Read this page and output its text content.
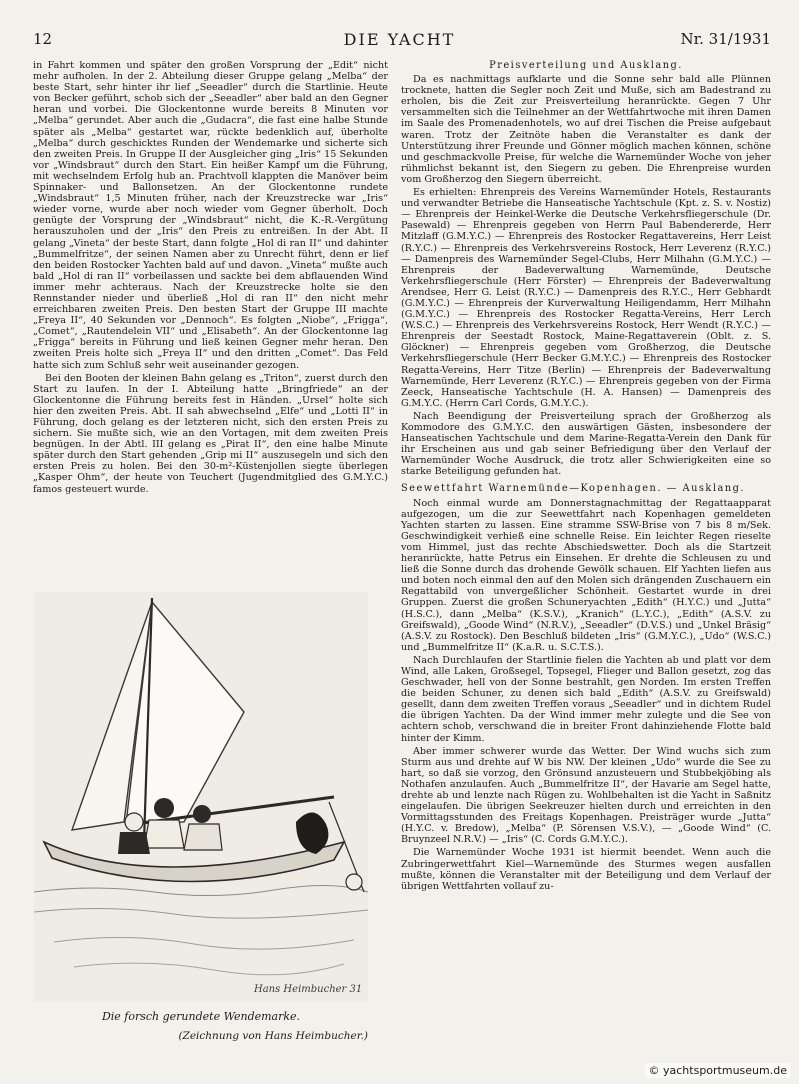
DIE YACHT
12	Nr. 31/1931

in Fahrt kommen und später den großen Vorsprung der „Edit“ nicht mehr aufholen. In der 2. Abteilung dieser Gruppe gelang „Melba“ der beste Start, sehr hinter ihr lief „Seeadler“ durch die Startlinie. Heute von Becker geführt, schob sich der „Seeadler“ aber bald an den Gegner heran und vorbei. Die Glockentonne wurde bereits 8 Minuten vor „Melba“ gerundet. Aber auch die „Gudacra“, die fast eine halbe Stunde später als „Melba“ gestartet war, rückte bedenklich auf, überholte „Melba“ durch geschicktes Runden der Wendemarke und sicherte sich den zweiten Preis. In Gruppe II der Ausgleicher ging „Iris“ 15 Sekunden vor „Windsbraut“ durch den Start. Ein heißer Kampf um die Führung, mit wechselndem Erfolg hub an. Prachtvoll klappten die Manöver beim Spinnaker- und Ballonsetzen. An der Glockentonne rundete „Windsbraut“ 1,5 Minuten früher, nach der Kreuzstrecke war „Iris“ wieder vorne, wurde aber noch wieder vom Gegner überholt. Doch genügte der Vorsprung der „Windsbraut“ nicht, die K.-R.-Vergütung herauszuholen und der „Iris“ den Preis zu entreißen. In der Abt. II gelang „Vineta“ der beste Start, dann folgte „Hol di ran II“ und dahinter „Bummelfritze“, der seinen Namen aber zu Unrecht führt, denn er lief den beiden Rostocker Yachten bald auf und davon. „Vineta“ mußte auch bald „Hol di ran II“ vorbeilassen und sackte bei dem abflauenden Wind immer mehr achteraus. Nach der Kreuzstrecke holte sie den Rennstander nieder und überließ „Hol di ran II“ den nicht mehr erreichbaren zweiten Preis. Den besten Start der Gruppe III machte „Freya II“, 40 Sekunden vor „Dennoch“. Es folgten „Niobe“, „Frigga“, „Comet“, „Rautendelein VII“ und „Elisabeth“. An der Glockentonne lag „Frigga“ bereits in Führung und ließ keinen Gegner mehr heran. Den zweiten Preis holte sich „Freya II“ und den dritten „Comet“. Das Feld hatte sich zum Schluß sehr weit auseinander gezogen.

Bei den Booten der kleinen Bahn gelang es „Triton“, zuerst durch den Start zu laufen. In der I. Abteilung hatte „Bringfriede“ an der Glockentonne die Führung bereits fest in Händen. „Ursel“ holte sich hier den zweiten Preis. Abt. II sah abwechselnd „Elfe“ und „Lotti II“ in Führung, doch gelang es der letzteren nicht, sich den ersten Preis zu sichern. Sie mußte sich, wie an den Vortagen, mit dem zweiten Preis begnügen. In der Abtl. III gelang es „Pirat II“, den eine halbe Minute später durch den Start gehenden „Grip mi II“ auszusegeln und sich den ersten Preis zu holen. Bei den 30-m²-Küstenjollen siegte überlegen „Kasper Ohm“, der heute von Teuchert (Jugendmitglied des G.M.Y.C.) famos gesteuert wurde.

Hans Heimbucher 31
Die forsch gerundete Wendemarke.
(Zeichnung von Hans Heimbucher.)
Preisverteilung und Ausklang.

Da es nachmittags aufklarte und die Sonne sehr bald alle Plünnen trocknete, hatten die Segler noch Zeit und Muße, sich am Badestrand zu erholen, bis die Zeit zur Preisverteilung heranrückte. Gegen 7 Uhr versammelten sich die Teilnehmer an der Wettfahrtwoche mit ihren Damen im Saale des Promenadenhotels, wo auf drei Tischen die Preise aufgebaut waren. Trotz der Zeitnöte haben die Veranstalter es dank der Unterstützung ihrer Freunde und Gönner möglich machen können, schöne und geschmackvolle Preise, für welche die Warnemünder Woche von jeher rühmlichst bekannt ist, den Siegern zu geben. Die Ehrenpreise wurden vom Großherzog den Siegern überreicht.

Es erhielten: Ehrenpreis des Vereins Warnemünder Hotels, Restaurants und verwandter Betriebe die Hanseatische Yachtschule (Kpt. z. S. v. Nostiz) — Ehrenpreis der Heinkel-Werke die Deutsche Verkehrsfliegerschule (Dr. Pasewald) — Ehrenpreis gegeben von Herrn Paul Babendererde, Herr Mitzlaff (G.M.Y.C.) — Ehrenpreis des Rostocker Regattavereins, Herr Leist (R.Y.C.) — Ehrenpreis des Verkehrsvereins Rostock, Herr Leverenz (R.Y.C.) — Damenpreis des Warnemünder Segel-Clubs, Herr Milhahn (G.M.Y.C.) — Ehrenpreis der Badeverwaltung Warnemünde, Deutsche Verkehrsfliegerschule (Herr Förster) — Ehrenpreis der Badeverwaltung Arendsee, Herr G. Leist (R.Y.C.) — Damenpreis des R.Y.C., Herr Gebhardt (G.M.Y.C.) — Ehrenpreis der Kurverwaltung Heiligendamm, Herr Milhahn (G.M.Y.C.) — Ehrenpreis des Rostocker Regatta-Vereins, Herr Lerch (W.S.C.) — Ehrenpreis des Verkehrsvereins Rostock, Herr Wendt (R.Y.C.) — Ehrenpreis der Seestadt Rostock, Maine-Regattaverein (Oblt. z. S. Glöckner) — Ehrenpreis gegeben vom Großherzog, die Deutsche Verkehrsfliegerschule (Herr Becker G.M.Y.C.) — Ehrenpreis des Rostocker Regatta-Vereins, Herr Titze (Berlin) — Ehrenpreis der Badeverwaltung Warnemünde, Herr Leverenz (R.Y.C.) — Ehrenpreis gegeben von der Firma Zeeck, Hanseatische Yachtschule (H. A. Hansen) — Damenpreis des G.M.Y.C. (Herrn Carl Cords, G.M.Y.C.).

Nach Beendigung der Preisverteilung sprach der Großherzog als Kommodore des G.M.Y.C. den auswärtigen Gästen, insbesondere der Hanseatischen Yachtschule und dem Marine-Regatta-Verein den Dank für ihr Erscheinen aus und gab seiner Befriedigung über den Verlauf der Warnemünder Woche Ausdruck, die trotz aller Schwierigkeiten eine so starke Beteiligung gefunden hat.

Seewettfahrt Warnemünde—Kopenhagen. — Ausklang.

Noch einmal wurde am Donnerstagnachmittag der Regattaapparat aufgezogen, um die zur Seewettfahrt nach Kopenhagen gemeldeten Yachten starten zu lassen. Eine stramme SSW-Brise von 7 bis 8 m/Sek. Geschwindigkeit verhieß eine schnelle Reise. Ein leichter Regen rieselte vom Himmel, just das rechte Abschiedswetter. Doch als die Startzeit heranrückte, hatte Petrus ein Einsehen. Er drehte die Schleusen zu und ließ die Sonne durch das drohende Gewölk schauen. Elf Yachten liefen aus und boten noch einmal den auf den Molen sich drängenden Zuschauern ein Regattabild von unvergeßlicher Schönheit. Gestartet wurde in drei Gruppen. Zuerst die großen Schuneryachten „Edith“ (H.Y.C.) und „Jutta“ (H.S.C.), dann „Melba“ (K.S.V.), „Kranich“ (L.Y.C.), „Edith“ (A.S.V. zu Greifswald), „Goode Wind“ (N.R.V.), „Seeadler“ (D.V.S.) und „Unkel Bräsig“ (A.S.V. zu Rostock). Den Beschluß bildeten „Iris“ (G.M.Y.C.), „Udo“ (W.S.C.) und „Bummelfritze II“ (K.a.R. u. S.C.T.S.).

Nach Durchlaufen der Startlinie fielen die Yachten ab und platt vor dem Wind, alle Laken, Großsegel, Topsegel, Flieger und Ballon gesetzt, zog das Geschwader, hell von der Sonne bestrahlt, gen Norden. Im ersten Treffen die beiden Schuner, zu denen sich bald „Edith“ (A.S.V. zu Greifswald) gesellt, dann dem zweiten Treffen voraus „Seeadler“ und in dichtem Rudel die übrigen Yachten. Da der Wind immer mehr zulegte und die See von achtern schob, verschwand die in breiter Front dahinziehende Flotte bald hinter der Kimm.

Aber immer schwerer wurde das Wetter. Der Wind wuchs sich zum Sturm aus und drehte auf W bis NW. Der kleinen „Udo“ wurde die See zu hart, so daß sie vorzog, den Grönsund anzusteuern und Stubbekjöbing als Nothafen anzulaufen. Auch „Bummelfritze II“, der Havarie am Segel hatte, drehte ab und lenzte nach Rügen zu. Wohlbehalten ist die Yacht in Saßnitz eingelaufen. Die übrigen Seekreuzer hielten durch und erreichten in den Vormittagsstunden des Freitags Kopenhagen. Preisträger wurde „Jutta“ (H.Y.C. v. Bredow), „Melba“ (P. Sörensen V.S.V.), — „Goode Wind“ (C. Bruynzeel N.R.V.) — „Iris“ (C. Cords G.M.Y.C.).

Die Warnemünder Woche 1931 ist hiermit beendet. Wenn auch die Zubringerwettfahrt Kiel—Warnemünde des Sturmes wegen ausfallen mußte, können die Veranstalter mit der Beteiligung und dem Verlauf der übrigen Wettfahrten vollauf zu-

© yachtsportmuseum.de
